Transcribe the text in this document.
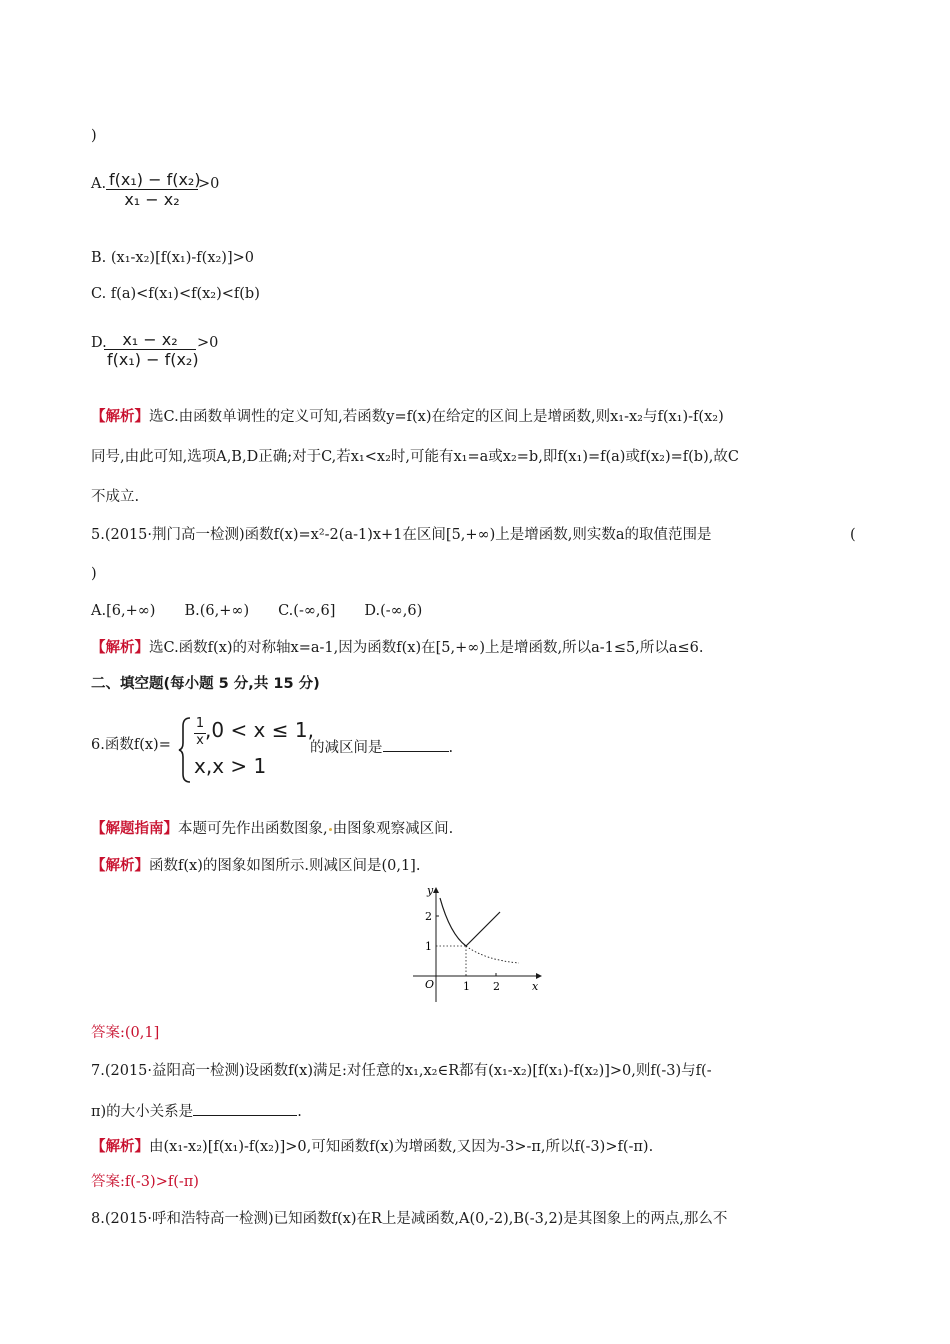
)
A. f(x₁) − f(x₂)
x₁ − x₂
>0
B. (x₁-x₂)[f(x₁)-f(x₂)]>0
C. f(a)<f(x₁)<f(x₂)<f(b)
D. x₁ − x₂
f(x₁) − f(x₂)
>0
【解析】选C.由函数单调性的定义可知,若函数y=f(x)在给定的区间上是增函数,则x₁-x₂与f(x₁)-f(x₂)
同号,由此可知,选项A,B,D正确;对于C,若x₁<x₂时,可能有x₁=a或x₂=b,即f(x₁)=f(a)或f(x₂)=f(b),故C
不成立.
5.(2015·荆门高一检测)函数f(x)=x²-2(a-1)x+1在区间[5,+∞)上是增函数,则实数a的取值范围是	(
)
A.[6,+∞)　　B.(6,+∞)　　C.(-∞,6]　　D.(-∞,6)
【解析】选C.函数f(x)的对称轴x=a-1,因为函数f(x)在[5,+∞)上是增函数,所以a-1≤5,所以a≤6.
二、填空题(每小题 5 分,共 15 分)
6.函数f(x)=
1
x ,0 < x ≤ 1,
x,x > 1
的减区间是	.
【解题指南】本题可先作出函数图象, 由图象观察减区间.
【解析】函数f(x)的图象如图所示.则减区间是(0,1].
y
x
O
2
1
1 2
答案:(0,1]
7.(2015·益阳高一检测)设函数f(x)满足:对任意的x₁,x₂∈R都有(x₁-x₂)[f(x₁)-f(x₂)]>0,则f(-3)与f(-
π)的大小关系是	.
【解析】由(x₁-x₂)[f(x₁)-f(x₂)]>0,可知函数f(x)为增函数,又因为-3>-π,所以f(-3)>f(-π).
答案:f(-3)>f(-π)
8.(2015·呼和浩特高一检测)已知函数f(x)在R上是减函数,A(0,-2),B(-3,2)是其图象上的两点,那么不
